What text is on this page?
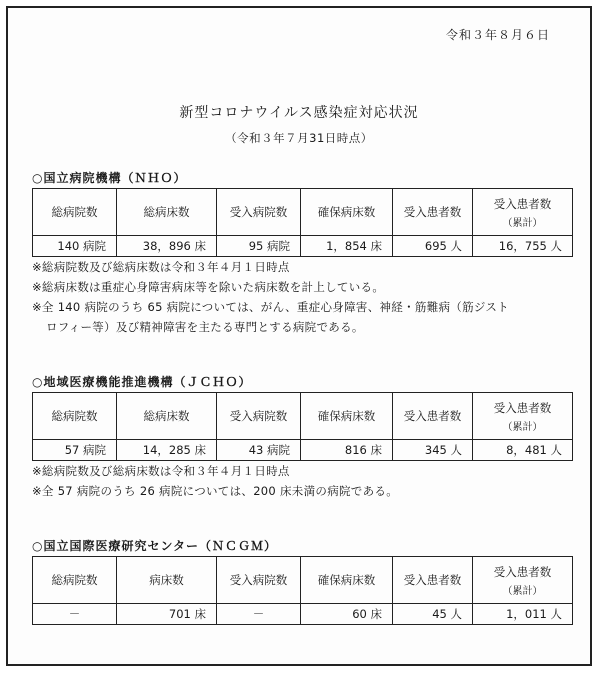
令和３年８月６日
新型コロナウイルス感染症対応状況
（令和３年７月31日時点）
○国立病院機構（ＮＨＯ）
総病院数	総病床数	受入病院数	確保病床数	受入患者数	受入患者数
（累計）

140 病院	38，896 床	95 病院	1，854 床	695 人	16，755 人
※総病院数及び総病床数は令和３年４月１日時点
※総病床数は重症心身障害病床等を除いた病床数を計上している。
※全 140 病院のうち 65 病院については、がん、重症心身障害、神経・筋難病（筋ジスト
ロフィー等）及び精神障害を主たる専門とする病院である。
○地域医療機能推進機構（ＪＣＨＯ）
総病院数	総病床数	受入病院数	確保病床数	受入患者数	受入患者数
（累計）

57 病院	14，285 床	43 病院	816 床	345 人	8，481 人
※総病院数及び総病床数は令和３年４月１日時点
※全 57 病院のうち 26 病院については、200 床未満の病院である。
○国立国際医療研究センター（ＮＣＧＭ）
総病院数	病床数	受入病院数	確保病床数	受入患者数	受入患者数
（累計）

－	701 床	－	60 床	45 人	1，011 人
